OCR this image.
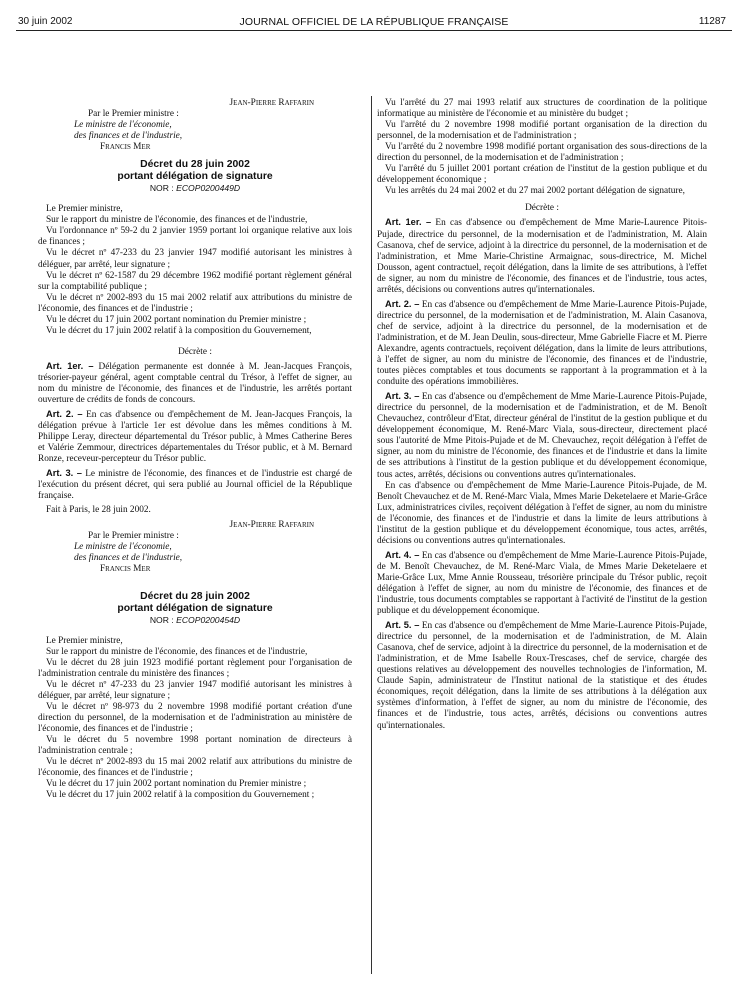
30 juin 2002	JOURNAL OFFICIEL DE LA RÉPUBLIQUE FRANÇAISE	11287

Jean-Pierre Raffarin

Par le Premier ministre :

Le ministre de l'économie,

des finances et de l'industrie,

Francis Mer

Décret du 28 juin 2002

portant délégation de signature

NOR : ECOP0200449D

Le Premier ministre,

Sur le rapport du ministre de l'économie, des finances et de l'industrie,

Vu l'ordonnance nº 59-2 du 2 janvier 1959 portant loi organique relative aux lois de finances ;

Vu le décret nº 47-233 du 23 janvier 1947 modifié autorisant les ministres à déléguer, par arrêté, leur signature ;

Vu le décret nº 62-1587 du 29 décembre 1962 modifié portant règlement général sur la comptabilité publique ;

Vu le décret nº 2002-893 du 15 mai 2002 relatif aux attributions du ministre de l'économie, des finances et de l'industrie ;

Vu le décret du 17 juin 2002 portant nomination du Premier ministre ;

Vu le décret du 17 juin 2002 relatif à la composition du Gouvernement,

Décrète :

Art. 1er. – Délégation permanente est donnée à M. Jean-Jacques François, trésorier-payeur général, agent comptable central du Trésor, à l'effet de signer, au nom du ministre de l'économie, des finances et de l'industrie, les arrêtés portant ouverture de crédits de fonds de concours.

Art. 2. – En cas d'absence ou d'empêchement de M. Jean-Jacques François, la délégation prévue à l'article 1er est dévolue dans les mêmes conditions à M. Philippe Leray, directeur départemental du Trésor public, à Mmes Catherine Beres et Valérie Zemmour, directrices départementales du Trésor public, et à M. Bernard Ronze, receveur-percepteur du Trésor public.

Art. 3. – Le ministre de l'économie, des finances et de l'industrie est chargé de l'exécution du présent décret, qui sera publié au Journal officiel de la République française.

Fait à Paris, le 28 juin 2002.

Jean-Pierre Raffarin

Par le Premier ministre :

Le ministre de l'économie,

des finances et de l'industrie,

Francis Mer

Décret du 28 juin 2002

portant délégation de signature

NOR : ECOP0200454D

Le Premier ministre,

Sur le rapport du ministre de l'économie, des finances et de l'industrie,

Vu le décret du 28 juin 1923 modifié portant règlement pour l'organisation de l'administration centrale du ministère des finances ;

Vu le décret nº 47-233 du 23 janvier 1947 modifié autorisant les ministres à déléguer, par arrêté, leur signature ;

Vu le décret nº 98-973 du 2 novembre 1998 modifié portant création d'une direction du personnel, de la modernisation et de l'administration au ministère de l'économie, des finances et de l'industrie ;

Vu le décret du 5 novembre 1998 portant nomination de directeurs à l'administration centrale ;

Vu le décret nº 2002-893 du 15 mai 2002 relatif aux attributions du ministre de l'économie, des finances et de l'industrie ;

Vu le décret du 17 juin 2002 portant nomination du Premier ministre ;

Vu le décret du 17 juin 2002 relatif à la composition du Gouvernement ;

Vu l'arrêté du 27 mai 1993 relatif aux structures de coordination de la politique informatique au ministère de l'économie et au ministère du budget ;

Vu l'arrêté du 2 novembre 1998 modifié portant organisation de la direction du personnel, de la modernisation et de l'administration ;

Vu l'arrêté du 2 novembre 1998 modifié portant organisation des sous-directions de la direction du personnel, de la modernisation et de l'administration ;

Vu l'arrêté du 5 juillet 2001 portant création de l'institut de la gestion publique et du développement économique ;

Vu les arrêtés du 24 mai 2002 et du 27 mai 2002 portant délégation de signature,

Décrète :

Art. 1er. – En cas d'absence ou d'empêchement de Mme Marie-Laurence Pitois-Pujade, directrice du personnel, de la modernisation et de l'administration, M. Alain Casanova, chef de service, adjoint à la directrice du personnel, de la modernisation et de l'administration, et Mme Marie-Christine Armaignac, sous-directrice, M. Michel Dousson, agent contractuel, reçoit délégation, dans la limite de ses attributions, à l'effet de signer, au nom du ministre de l'économie, des finances et de l'industrie, tous actes, arrêtés, décisions ou conventions autres qu'internationales.

Art. 2. – En cas d'absence ou d'empêchement de Mme Marie-Laurence Pitois-Pujade, directrice du personnel, de la modernisation et de l'administration, M. Alain Casanova, chef de service, adjoint à la directrice du personnel, de la modernisation et de l'administration, et de M. Jean Deulin, sous-directeur, Mme Gabrielle Fiacre et M. Pierre Alexandre, agents contractuels, reçoivent délégation, dans la limite de leurs attributions, à l'effet de signer, au nom du ministre de l'économie, des finances et de l'industrie, toutes pièces comptables et tous documents se rapportant à la programmation et à la conduite des opérations immobilières.

Art. 3. – En cas d'absence ou d'empêchement de Mme Marie-Laurence Pitois-Pujade, directrice du personnel, de la modernisation et de l'administration, et de M. Benoît Chevauchez, contrôleur d'Etat, directeur général de l'institut de la gestion publique et du développement économique, M. René-Marc Viala, sous-directeur, directement placé sous l'autorité de Mme Pitois-Pujade et de M. Chevauchez, reçoit délégation à l'effet de signer, au nom du ministre de l'économie, des finances et de l'industrie et dans la limite de ses attributions à l'institut de la gestion publique et du développement économique, tous actes, arrêtés, décisions ou conventions autres qu'internationales.

En cas d'absence ou d'empêchement de Mme Marie-Laurence Pitois-Pujade, de M. Benoît Chevauchez et de M. René-Marc Viala, Mmes Marie Deketelaere et Marie-Grâce Lux, administratrices civiles, reçoivent délégation à l'effet de signer, au nom du ministre de l'économie, des finances et de l'industrie et dans la limite de leurs attributions à l'institut de la gestion publique et du développement économique, tous actes, arrêtés, décisions ou conventions autres qu'internationales.

Art. 4. – En cas d'absence ou d'empêchement de Mme Marie-Laurence Pitois-Pujade, de M. Benoît Chevauchez, de M. René-Marc Viala, de Mmes Marie Deketelaere et Marie-Grâce Lux, Mme Annie Rousseau, trésorière principale du Trésor public, reçoit délégation à l'effet de signer, au nom du ministre de l'économie, des finances et de l'industrie, tous documents comptables se rapportant à l'activité de l'institut de la gestion publique et du développement économique.

Art. 5. – En cas d'absence ou d'empêchement de Mme Marie-Laurence Pitois-Pujade, directrice du personnel, de la modernisation et de l'administration, de M. Alain Casanova, chef de service, adjoint à la directrice du personnel, de la modernisation et de l'administration, et de Mme Isabelle Roux-Trescases, chef de service, chargée des questions relatives au développement des nouvelles technologies de l'information, M. Claude Sapin, administrateur de l'Institut national de la statistique et des études économiques, reçoit délégation, dans la limite de ses attributions à la délégation aux systèmes d'information, à l'effet de signer, au nom du ministre de l'économie, des finances et de l'industrie, tous actes, arrêtés, décisions ou conventions autres qu'internationales.
